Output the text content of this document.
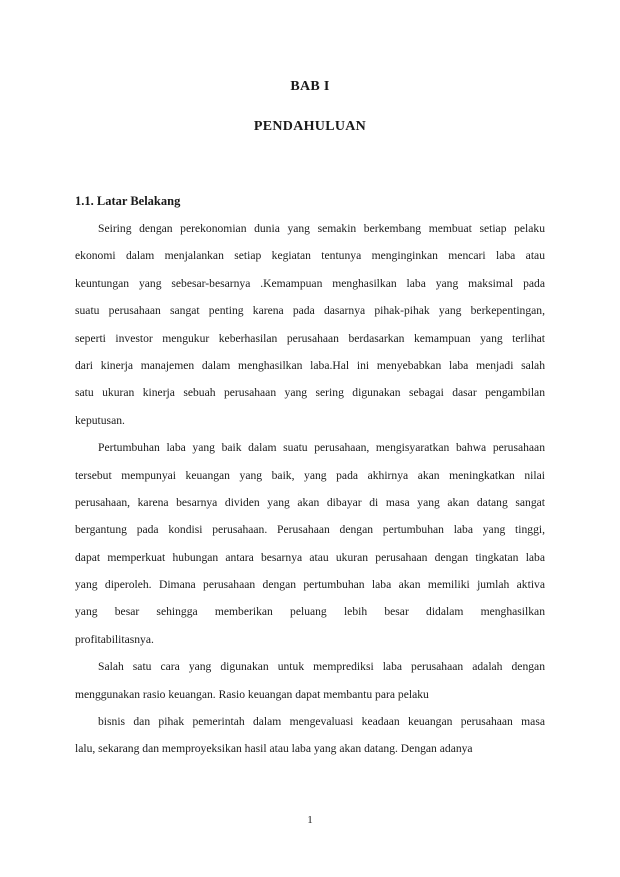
BAB I
PENDAHULUAN
1.1. Latar Belakang
Seiring dengan perekonomian dunia yang semakin berkembang membuat setiap pelaku
ekonomi dalam menjalankan setiap kegiatan tentunya menginginkan mencari laba atau
keuntungan yang sebesar-besarnya .Kemampuan menghasilkan laba yang maksimal pada
suatu perusahaan sangat penting karena pada dasarnya pihak-pihak yang berkepentingan,
seperti investor mengukur keberhasilan perusahaan berdasarkan kemampuan yang terlihat
dari kinerja manajemen dalam menghasilkan laba.Hal ini menyebabkan laba menjadi salah
satu ukuran kinerja sebuah perusahaan yang sering digunakan sebagai dasar pengambilan
keputusan.
Pertumbuhan laba yang baik dalam suatu perusahaan, mengisyaratkan bahwa perusahaan
tersebut mempunyai keuangan yang baik, yang pada akhirnya akan meningkatkan nilai
perusahaan, karena besarnya dividen yang akan dibayar di masa yang akan datang sangat
bergantung pada kondisi perusahaan. Perusahaan dengan pertumbuhan laba yang tinggi,
dapat memperkuat hubungan antara besarnya atau ukuran perusahaan dengan tingkatan laba
yang diperoleh. Dimana perusahaan dengan pertumbuhan laba akan memiliki jumlah aktiva
yang besar sehingga memberikan peluang lebih besar didalam menghasilkan
profitabilitasnya.
Salah satu cara yang digunakan untuk memprediksi laba perusahaan adalah dengan
menggunakan rasio keuangan. Rasio keuangan dapat membantu para pelaku
bisnis dan pihak pemerintah dalam mengevaluasi keadaan keuangan perusahaan masa
lalu, sekarang dan memproyeksikan hasil atau laba yang akan datang. Dengan adanya
1
